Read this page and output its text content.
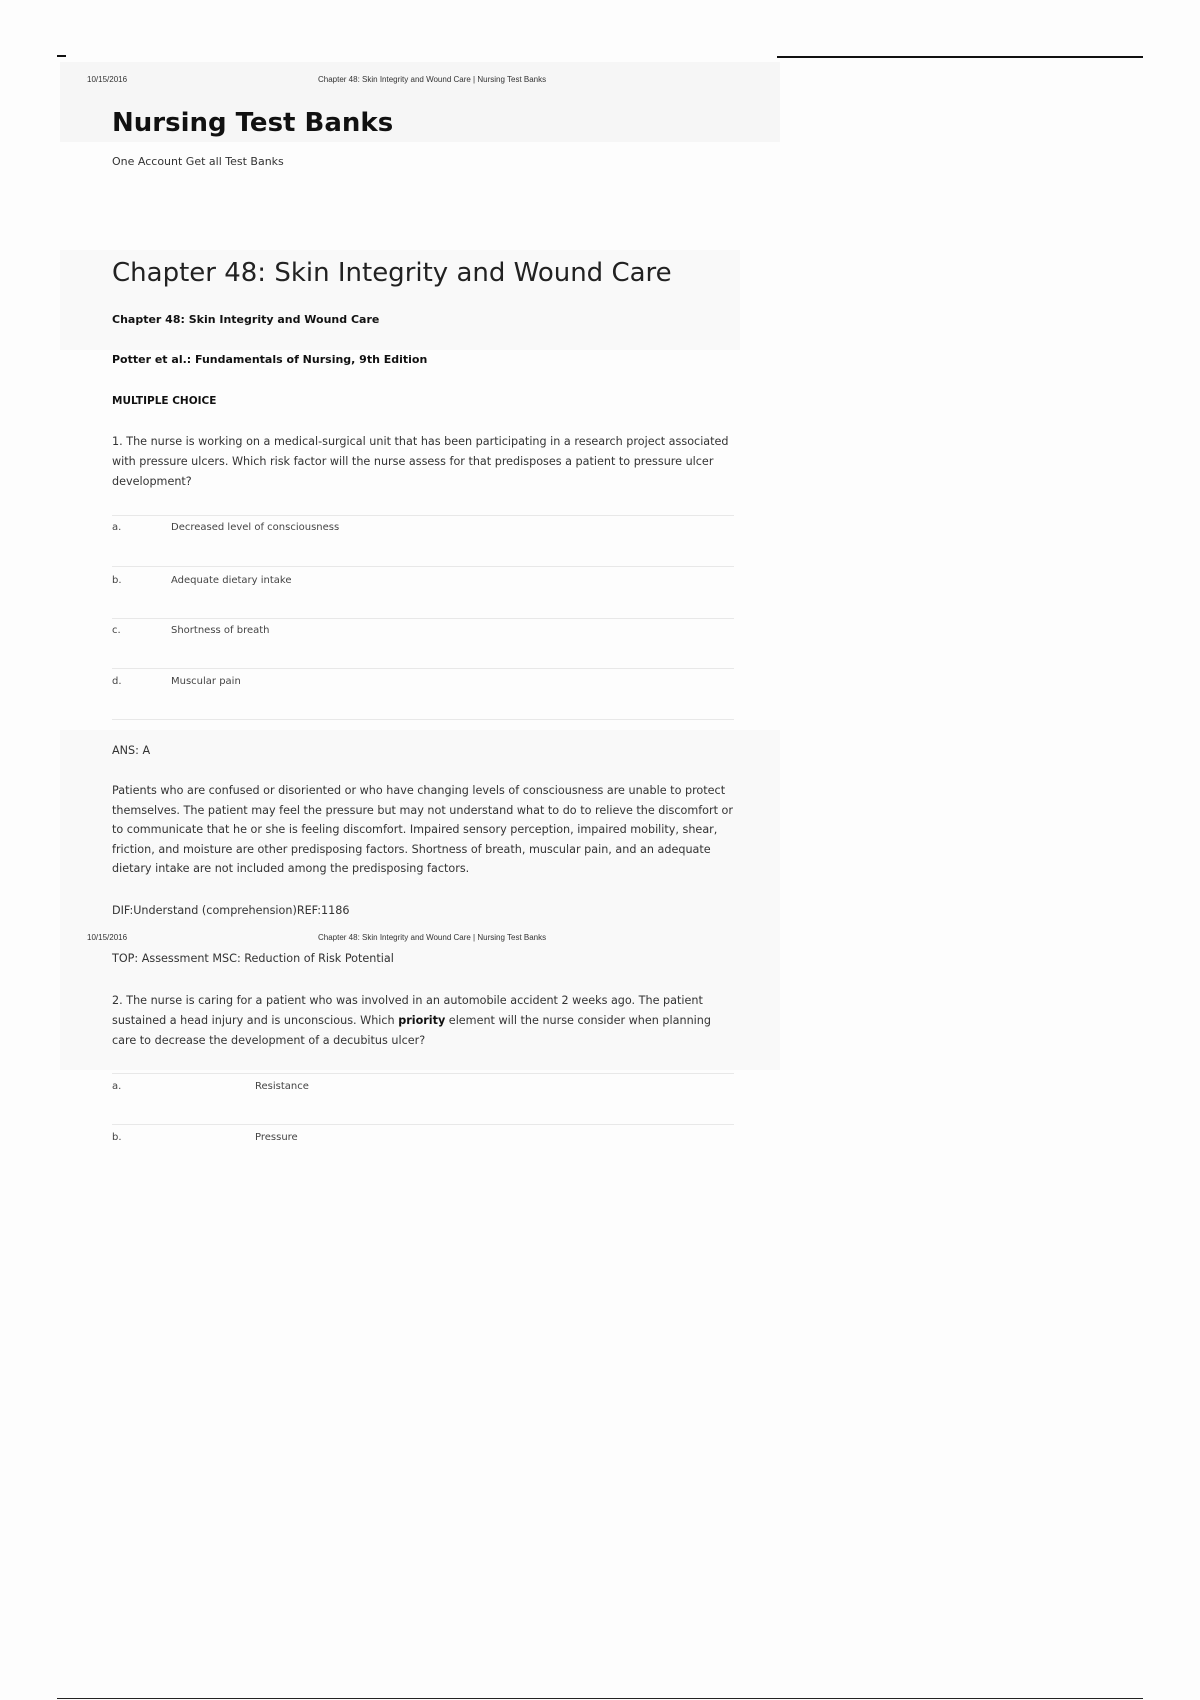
10/15/2016	Chapter 48: Skin Integrity and Wound Care | Nursing Test Banks
Nursing Test Banks
One Account Get all Test Banks
Chapter 48: Skin Integrity and Wound Care
Chapter 48: Skin Integrity and Wound Care
Potter et al.: Fundamentals of Nursing, 9th Edition
MULTIPLE CHOICE
1. The nurse is working on a medical-surgical unit that has been participating in a research project associated with pressure ulcers. Which risk factor will the nurse assess for that predisposes a patient to pressure ulcer development?
a.	Decreased level of consciousness
b.	Adequate dietary intake
c.	Shortness of breath
d.	Muscular pain
ANS: A
Patients who are confused or disoriented or who have changing levels of consciousness are unable to protect themselves. The patient may feel the pressure but may not understand what to do to relieve the discomfort or to communicate that he or she is feeling discomfort. Impaired sensory perception, impaired mobility, shear, friction, and moisture are other predisposing factors. Shortness of breath, muscular pain, and an adequate dietary intake are not included among the predisposing factors.
DIF:Understand (comprehension)REF:1186
10/15/2016	Chapter 48: Skin Integrity and Wound Care | Nursing Test Banks
TOP: Assessment MSC: Reduction of Risk Potential
2. The nurse is caring for a patient who was involved in an automobile accident 2 weeks ago. The patient sustained a head injury and is unconscious. Which priority element will the nurse consider when planning care to decrease the development of a decubitus ulcer?
a.	Resistance
b.	Pressure
